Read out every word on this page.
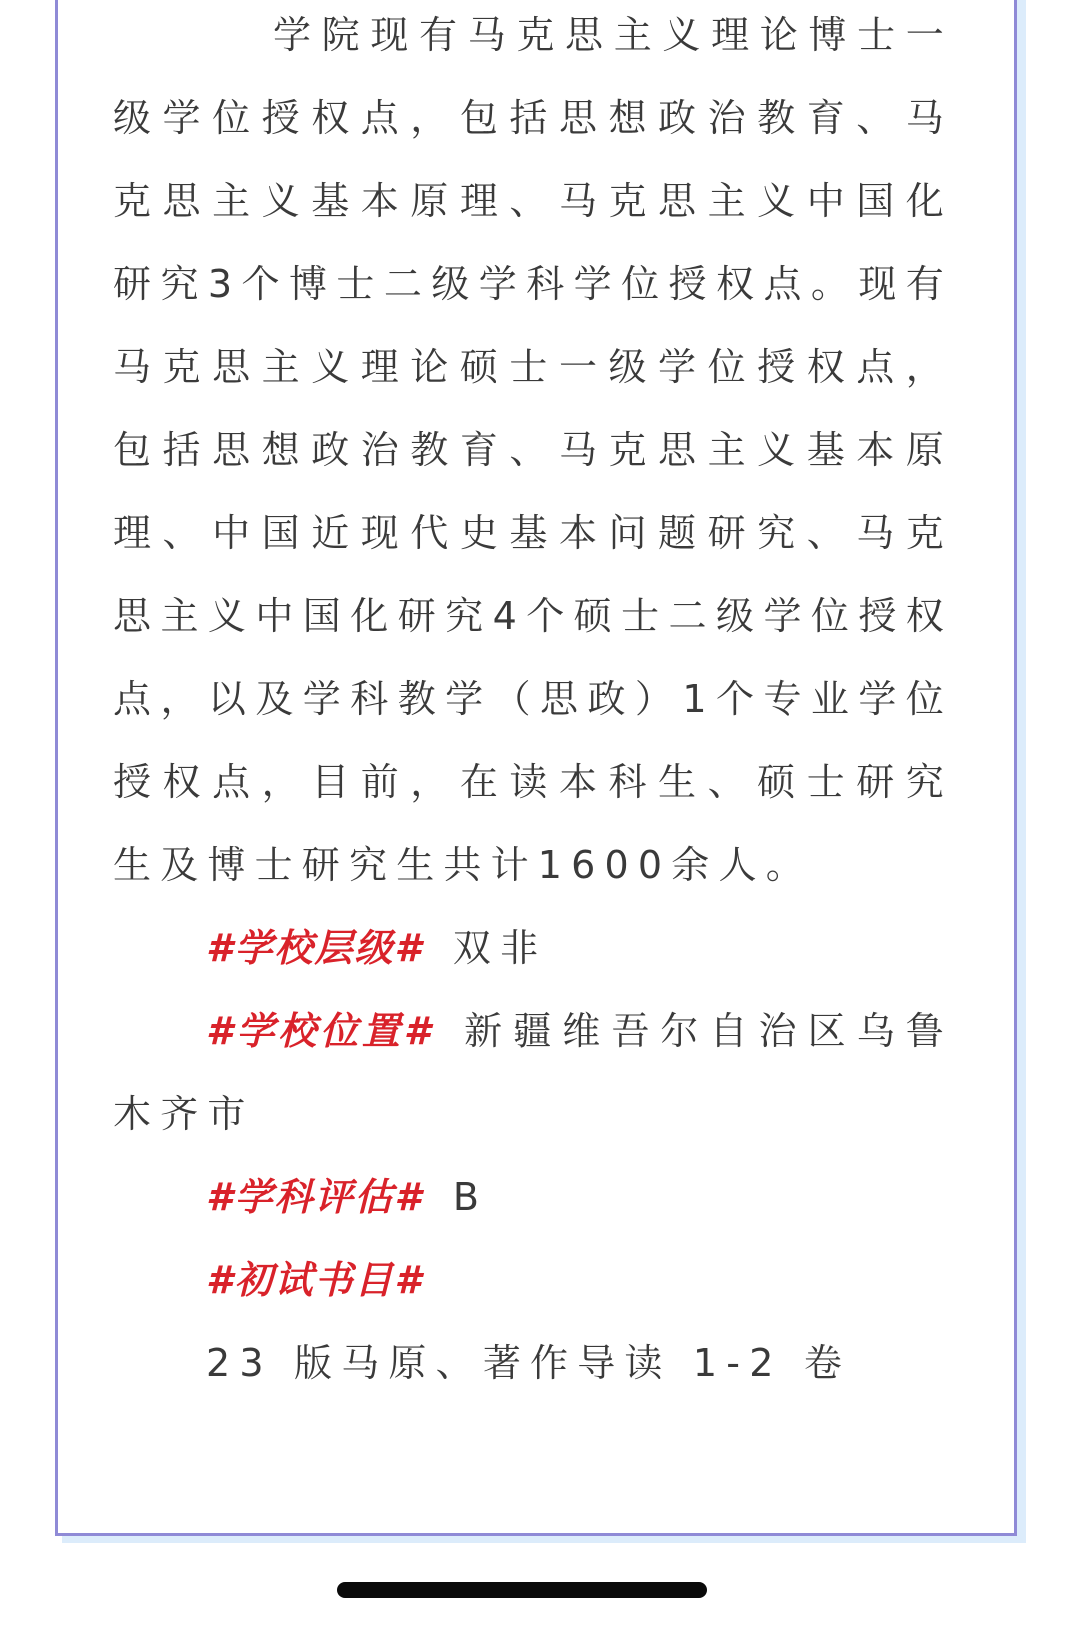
学院现有马克思主义理论博士一级学位授权点，包括思想政治教育、马克思主义基本原理、马克思主义中国化研究3个博士二级学科学位授权点。现有马克思主义理论硕士一级学位授权点，包括思想政治教育、马克思主义基本原理、中国近现代史基本问题研究、马克思主义中国化研究4个硕士二级学位授权点，以及学科教学（思政）1个专业学位授权点，目前，在读本科生、硕士研究生及博士研究生共计1600余人。

#学校层级# 双非

#学校位置# 新疆维吾尔自治区乌鲁木齐市

#学科评估# B

#初试书目#

23 版马原、著作导读 1-2 卷
